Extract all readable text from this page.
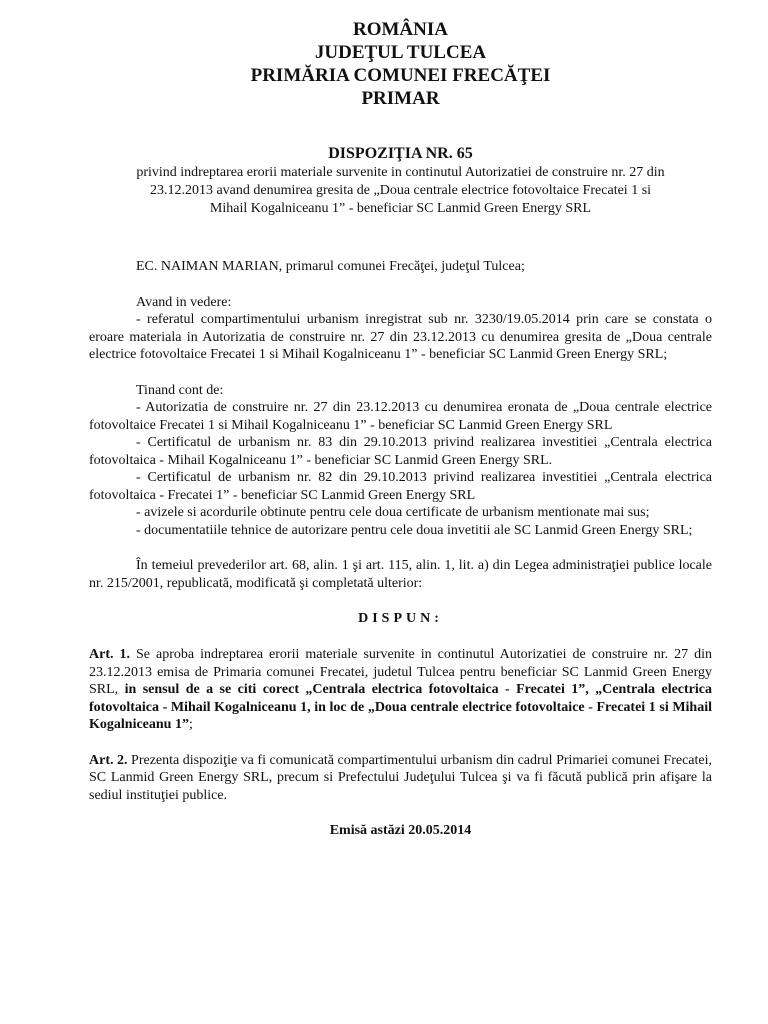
ROMÂNIA
JUDEŢUL TULCEA
PRIMĂRIA COMUNEI FRECĂŢEI
PRIMAR
DISPOZIŢIA NR. 65

privind indreptarea erorii materiale survenite in continutul Autorizatiei de construire nr. 27 din

23.12.2013 avand denumirea gresita de „Doua centrale electrice fotovoltaice Frecatei 1 si

Mihail Kogalniceanu 1” - beneficiar SC Lanmid Green Energy SRL

EC. NAIMAN MARIAN, primarul comunei Frecăţei, judeţul Tulcea;

Avand in vedere:

- referatul compartimentului urbanism inregistrat sub nr. 3230/19.05.2014 prin care se constata o eroare materiala in Autorizatia de construire nr. 27 din 23.12.2013 cu denumirea gresita de „Doua centrale electrice fotovoltaice Frecatei 1 si Mihail Kogalniceanu 1” - beneficiar SC Lanmid Green Energy SRL;

Tinand cont de:

- Autorizatia de construire nr. 27 din 23.12.2013 cu denumirea eronata de „Doua centrale electrice fotovoltaice Frecatei 1 si Mihail Kogalniceanu 1” - beneficiar SC Lanmid Green Energy SRL

- Certificatul de urbanism nr. 83 din 29.10.2013 privind realizarea investitiei „Centrala electrica fotovoltaica - Mihail Kogalniceanu 1” - beneficiar SC Lanmid Green Energy SRL.

- Certificatul de urbanism nr. 82 din 29.10.2013 privind realizarea investitiei „Centrala electrica fotovoltaica - Frecatei 1” - beneficiar SC Lanmid Green Energy SRL

- avizele si acordurile obtinute pentru cele doua certificate de urbanism mentionate mai sus;

- documentatiile tehnice de autorizare pentru cele doua invetitii ale SC Lanmid Green Energy SRL;

În temeiul prevederilor art. 68, alin. 1 şi art. 115, alin. 1, lit. a) din Legea administraţiei publice locale nr. 215/2001, republicată, modificată şi completată ulterior:

DISPUN:

Art. 1. Se aproba indreptarea erorii materiale survenite in continutul Autorizatiei de construire nr. 27 din 23.12.2013 emisa de Primaria comunei Frecatei, judetul Tulcea pentru beneficiar SC Lanmid Green Energy SRL, in sensul de a se citi corect „Centrala electrica fotovoltaica - Frecatei 1”, „Centrala electrica fotovoltaica - Mihail Kogalniceanu 1, in loc de „Doua centrale electrice fotovoltaice - Frecatei 1 si Mihail Kogalniceanu 1”;

Art. 2. Prezenta dispoziţie va fi comunicată compartimentului urbanism din cadrul Primariei comunei Frecatei, SC Lanmid Green Energy SRL, precum si Prefectului Judeţului Tulcea şi va fi făcută publică prin afişare la sediul instituţiei publice.

Emisă astăzi 20.05.2014
